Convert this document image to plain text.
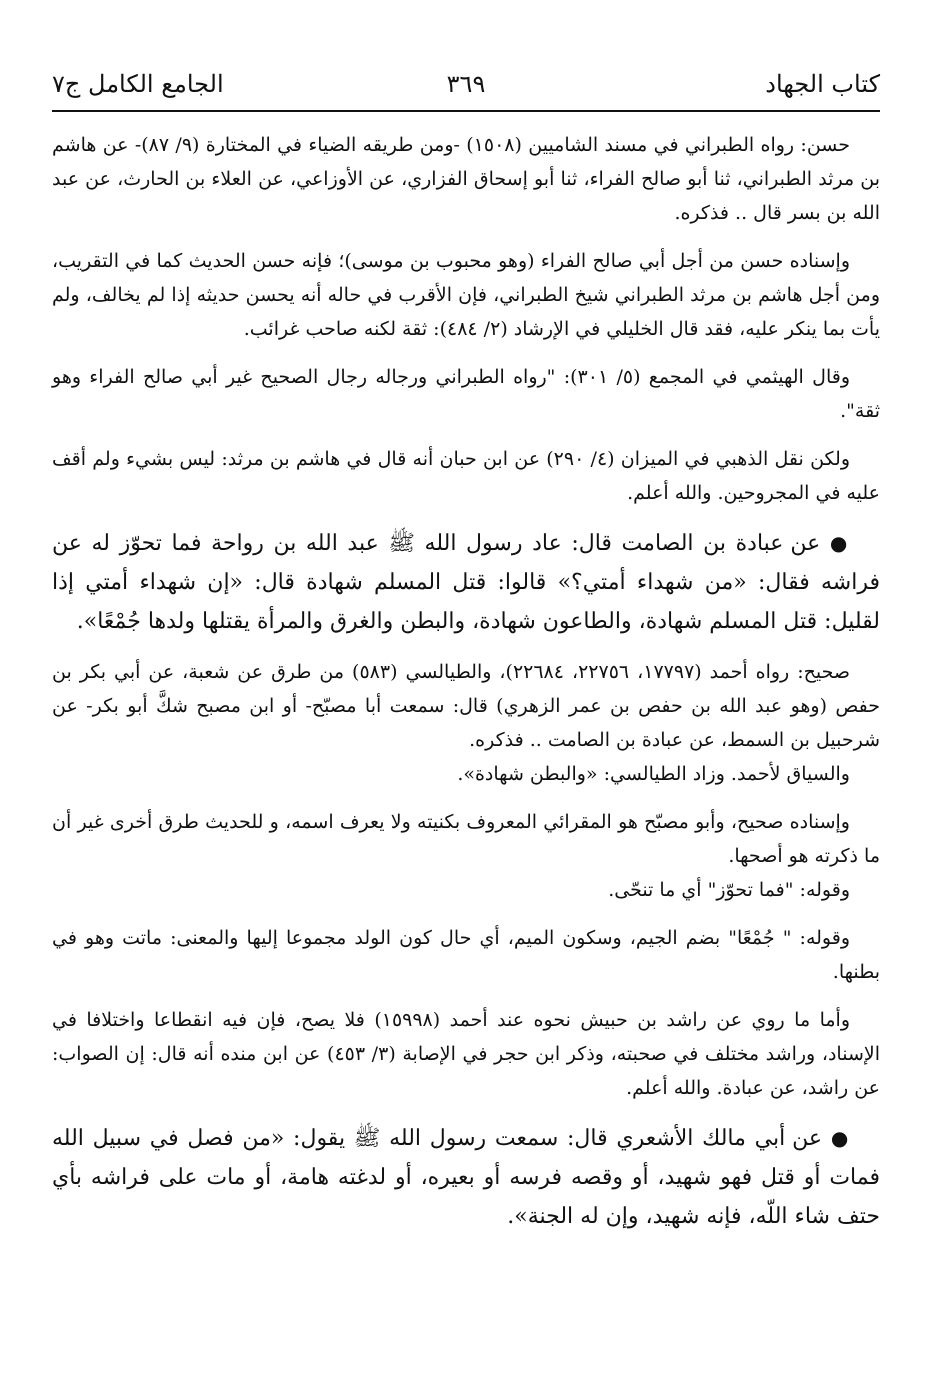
كتاب الجهاد
٣٦٩
الجامع الكامل ج٧

حسن: رواه الطبراني في مسند الشاميين (١٥٠٨) -ومن طريقه الضياء في المختارة (٩/ ٨٧)- عن هاشم بن مرثد الطبراني، ثنا أبو صالح الفراء، ثنا أبو إسحاق الفزاري، عن الأوزاعي، عن العلاء بن الحارث، عن عبد الله بن بسر قال .. فذكره.

وإسناده حسن من أجل أبي صالح الفراء (وهو محبوب بن موسى)؛ فإنه حسن الحديث كما في التقريب، ومن أجل هاشم بن مرثد الطبراني شيخ الطبراني، فإن الأقرب في حاله أنه يحسن حديثه إذا لم يخالف، ولم يأت بما ينكر عليه، فقد قال الخليلي في الإرشاد (٢/ ٤٨٤): ثقة لكنه صاحب غرائب.

وقال الهيثمي في المجمع (٥/ ٣٠١): "رواه الطبراني ورجاله رجال الصحيح غير أبي صالح الفراء وهو ثقة".

ولكن نقل الذهبي في الميزان (٤/ ٢٩٠) عن ابن حبان أنه قال في هاشم بن مرثد: ليس بشيء ولم أقف عليه في المجروحين. والله أعلم.

● عن عبادة بن الصامت قال: عاد رسول الله ﷺ عبد الله بن رواحة فما تحوّز له عن فراشه فقال: «من شهداء أمتي؟» قالوا: قتل المسلم شهادة قال: «إن شهداء أمتي إذا لقليل: قتل المسلم شهادة، والطاعون شهادة، والبطن والغرق والمرأة يقتلها ولدها جُمْعًا».

صحيح: رواه أحمد (١٧٧٩٧، ٢٢٧٥٦، ٢٢٦٨٤)، والطيالسي (٥٨٣) من طرق عن شعبة، عن أبي بكر بن حفص (وهو عبد الله بن حفص بن عمر الزهري) قال: سمعت أبا مصبّح- أو ابن مصبح شكَّ أبو بكر- عن شرحبيل بن السمط، عن عبادة بن الصامت .. فذكره.

والسياق لأحمد. وزاد الطيالسي: «والبطن شهادة».

وإسناده صحيح، وأبو مصبّح هو المقرائي المعروف بكنيته ولا يعرف اسمه، و للحديث طرق أخرى غير أن ما ذكرته هو أصحها.

وقوله: "فما تحوّز" أي ما تنحّى.

وقوله: " جُمْعًا" بضم الجيم، وسكون الميم، أي حال كون الولد مجموعا إليها والمعنى: ماتت وهو في بطنها.

وأما ما روي عن راشد بن حبيش نحوه عند أحمد (١٥٩٩٨) فلا يصح، فإن فيه انقطاعا واختلافا في الإسناد، وراشد مختلف في صحبته، وذكر ابن حجر في الإصابة (٣/ ٤٥٣) عن ابن منده أنه قال: إن الصواب: عن راشد، عن عبادة. والله أعلم.

● عن أبي مالك الأشعري قال: سمعت رسول الله ﷺ يقول: «من فصل في سبيل الله فمات أو قتل فهو شهيد، أو وقصه فرسه أو بعيره، أو لدغته هامة، أو مات على فراشه بأي حتف شاء اللّه، فإنه شهيد، وإن له الجنة».
